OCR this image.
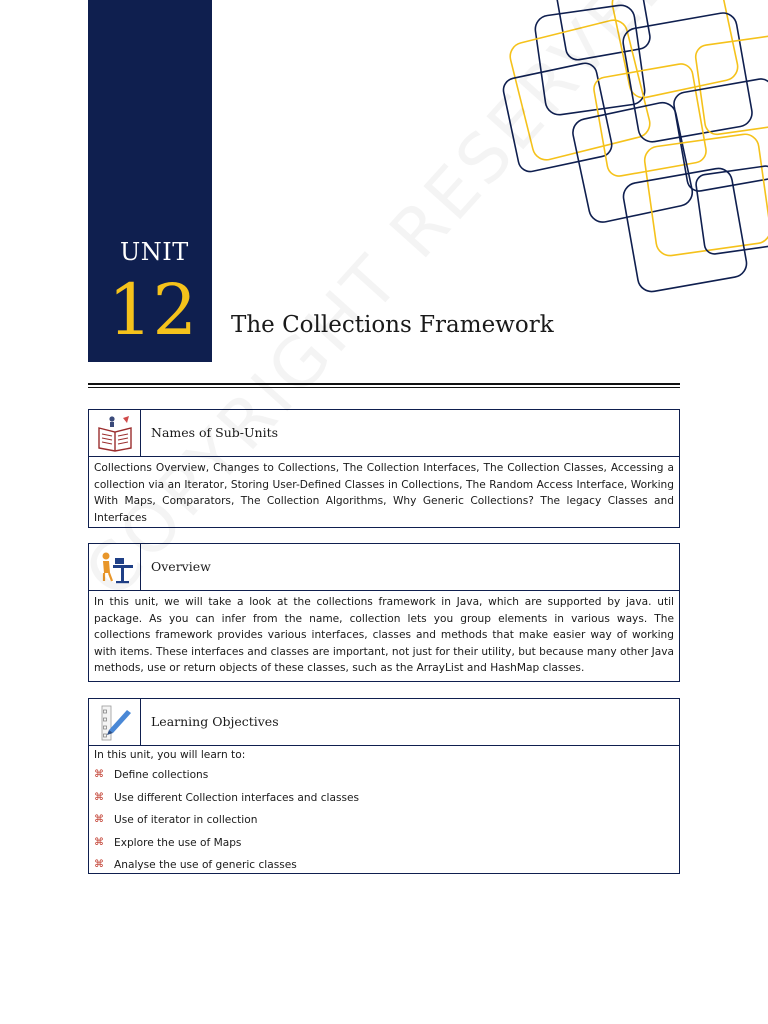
UNIT
12 The Collections Framework
Names of Sub-Units
Collections Overview, Changes to Collections, The Collection Interfaces, The Collection Classes, Accessing a collection via an Iterator, Storing User-Defined Classes in Collections, The Random Access Interface, Working With Maps, Comparators, The Collection Algorithms, Why Generic Collections? The legacy Classes and Interfaces
Overview
In this unit, we will take a look at the collections framework in Java, which are supported by java. util package. As you can infer from the name, collection lets you group elements in various ways. The collections framework provides various interfaces, classes and methods that make easier way of working with items. These interfaces and classes are important, not just for their utility, but because many other Java methods, use or return objects of these classes, such as the ArrayList and HashMap classes.
Learning Objectives
In this unit, you will learn to:
⌘ Define collections
⌘ Use different Collection interfaces and classes
⌘ Use of iterator in collection
⌘ Explore the use of Maps
⌘ Analyse the use of generic classes
